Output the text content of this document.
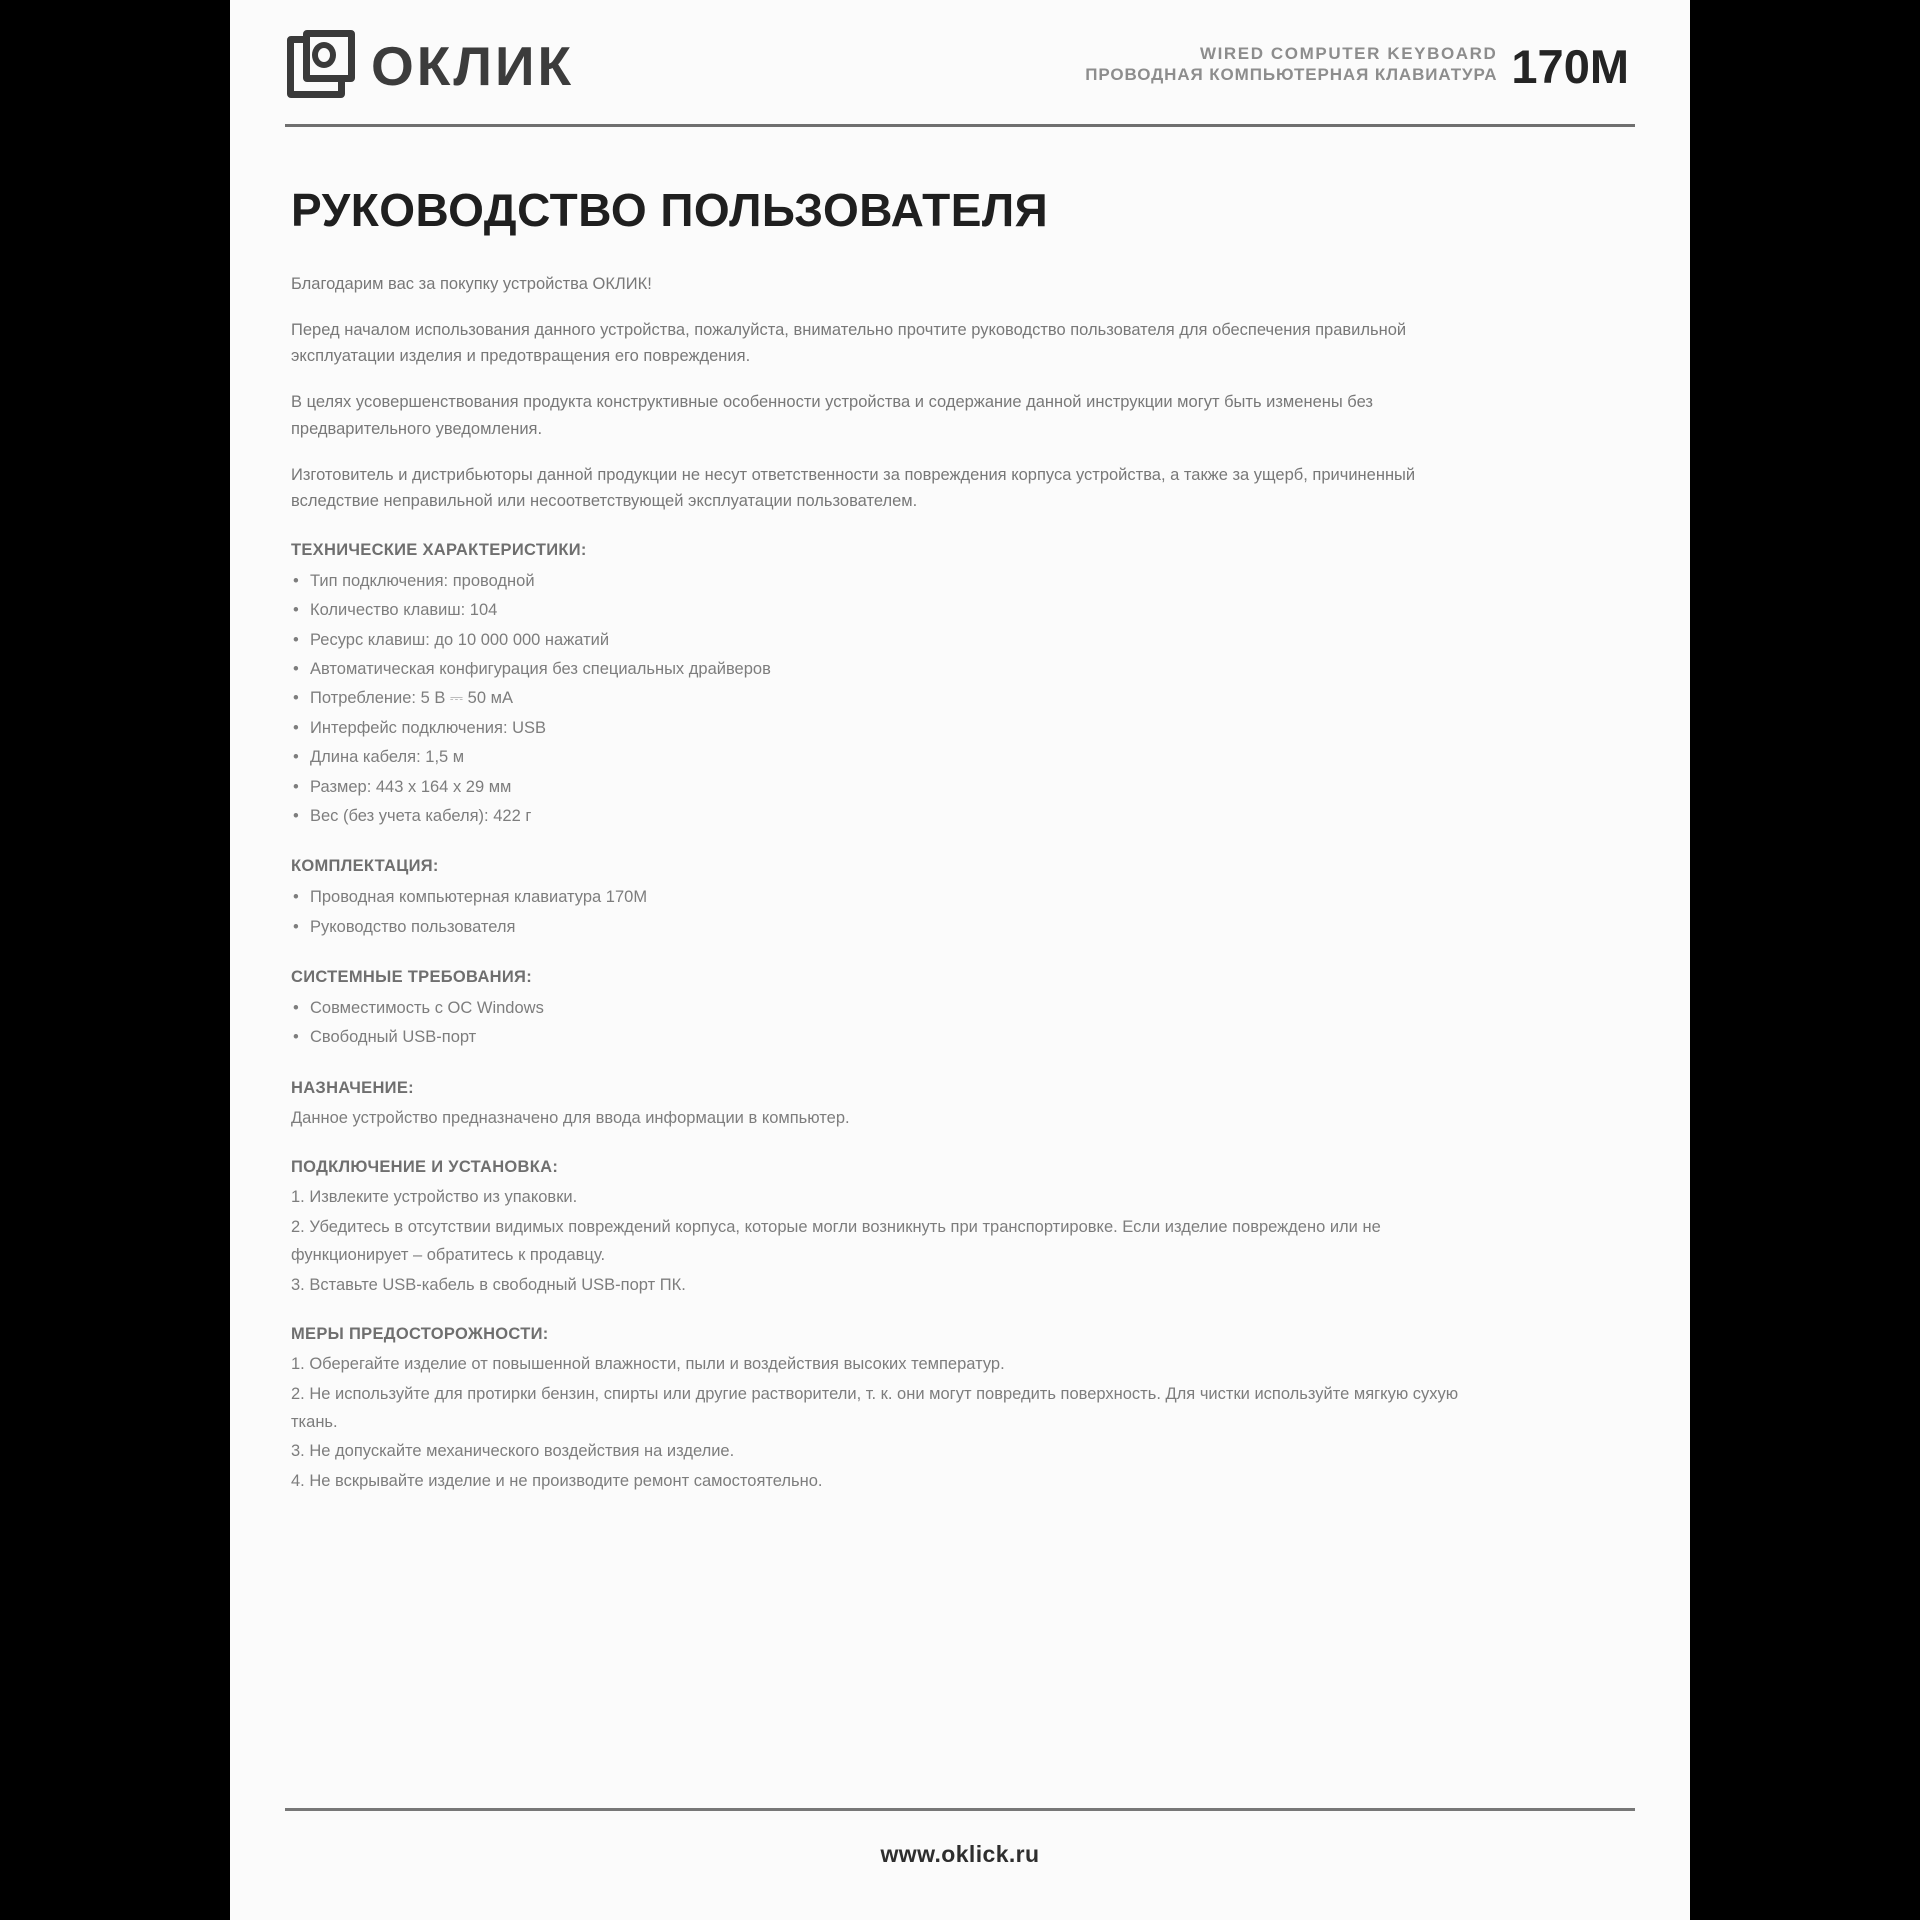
ОКЛИК	WIRED COMPUTER KEYBOARD
ПРОВОДНАЯ КОМПЬЮТЕРНАЯ КЛАВИАТУРА 170M
РУКОВОДСТВО ПОЛЬЗОВАТЕЛЯ

Благодарим вас за покупку устройства ОКЛИК!

Перед началом использования данного устройства, пожалуйста, внимательно прочтите руководство пользователя для обеспечения правильной эксплуатации изделия и предотвращения его повреждения.

В целях усовершенствования продукта конструктивные особенности устройства и содержание данной инструкции могут быть изменены без предварительного уведомления.

Изготовитель и дистрибьюторы данной продукции не несут ответственности за повреждения корпуса устройства, а также за ущерб, причиненный вследствие неправильной или несоответствующей эксплуатации пользователем.

ТЕХНИЧЕСКИЕ ХАРАКТЕРИСТИКИ:
• Тип подключения: проводной
• Количество клавиш: 104
• Ресурс клавиш: до 10 000 000 нажатий
• Автоматическая конфигурация без специальных драйверов
• Потребление: 5 В ⎓ 50 мА
• Интерфейс подключения: USB
• Длина кабеля: 1,5 м
• Размер: 443 x 164 x 29 мм
• Вес (без учета кабеля): 422 г
КОМПЛЕКТАЦИЯ:
• Проводная компьютерная клавиатура 170M
• Руководство пользователя
СИСТЕМНЫЕ ТРЕБОВАНИЯ:
• Совместимость с ОС Windows
• Свободный USB-порт
НАЗНАЧЕНИЕ:

Данное устройство предназначено для ввода информации в компьютер.

ПОДКЛЮЧЕНИЕ И УСТАНОВКА:
1. Извлеките устройство из упаковки.
2. Убедитесь в отсутствии видимых повреждений корпуса, которые могли возникнуть при транспортировке. Если изделие повреждено или не функционирует – обратитесь к продавцу.
3. Вставьте USB-кабель в свободный USB-порт ПК.
МЕРЫ ПРЕДОСТОРОЖНОСТИ:
1. Оберегайте изделие от повышенной влажности, пыли и воздействия высоких температур.
2. Не используйте для протирки бензин, спирты или другие растворители, т. к. они могут повредить поверхность. Для чистки используйте мягкую сухую ткань.
3. Не допускайте механического воздействия на изделие.
4. Не вскрывайте изделие и не производите ремонт самостоятельно.
www.oklick.ru
